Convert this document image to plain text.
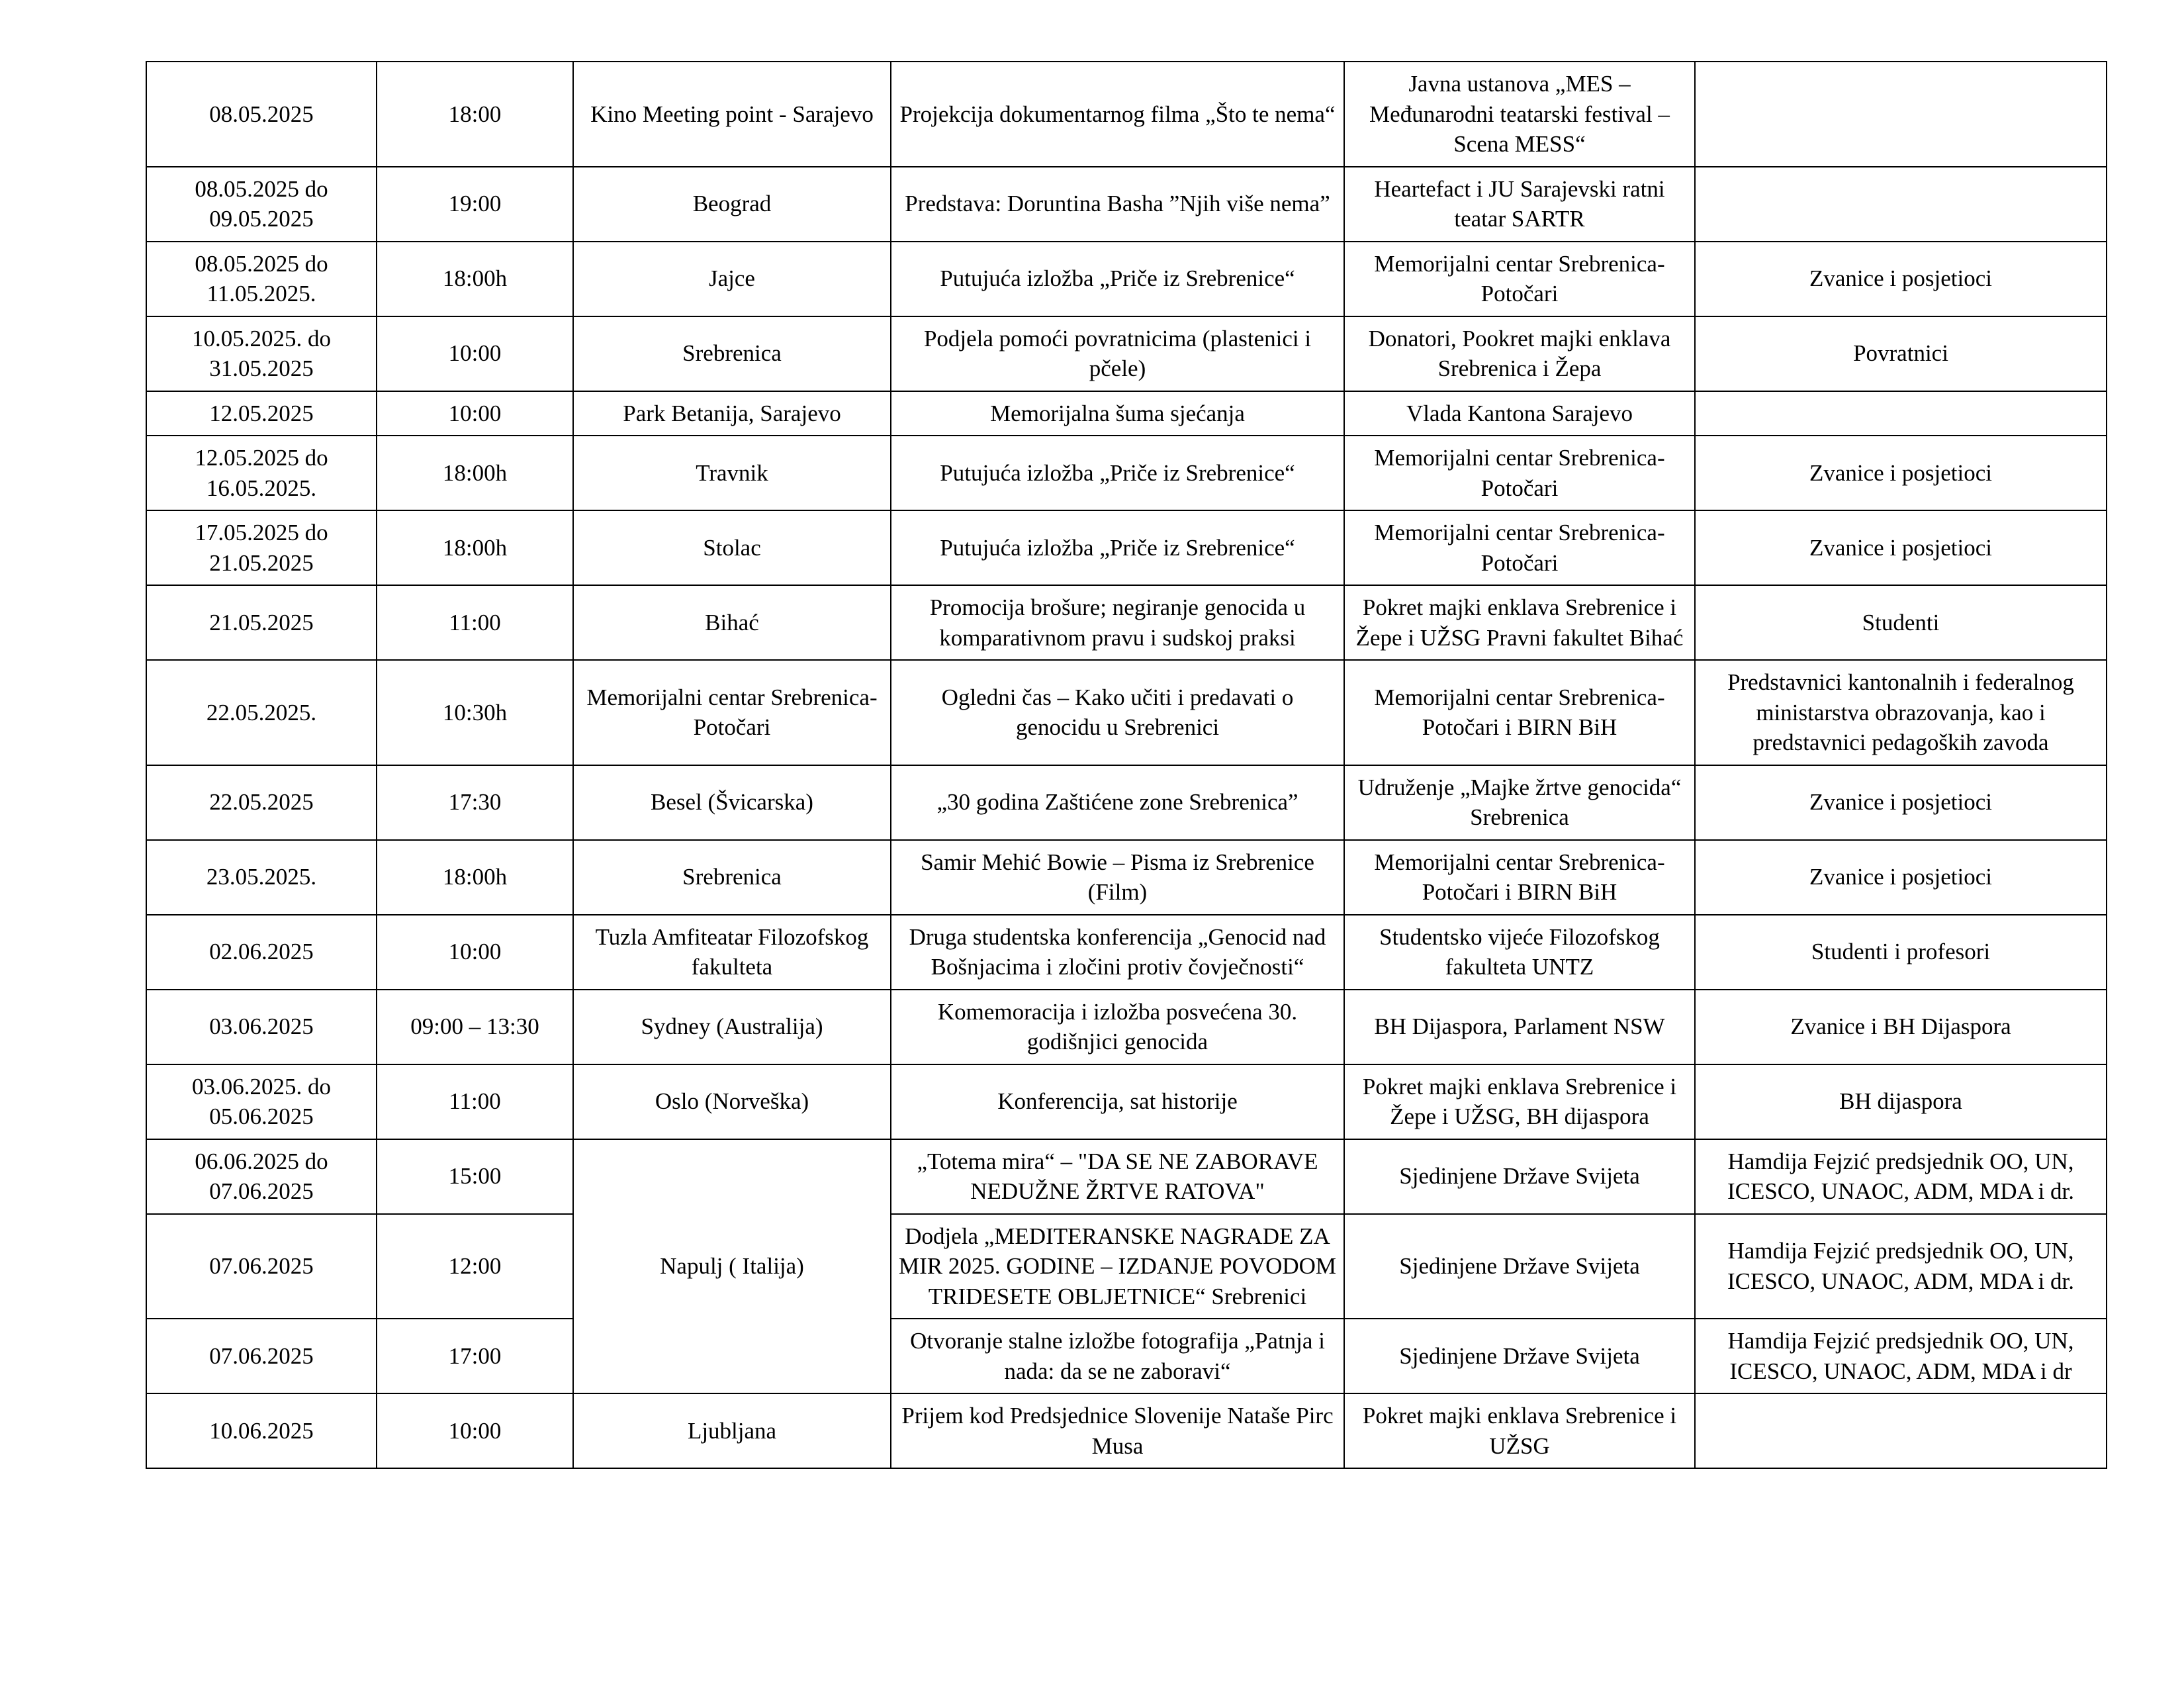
08.05.2025	18:00	Kino Meeting point - Sarajevo	Projekcija dokumentarnog filma „Što te nema“	Javna ustanova „MES – Međunarodni teatarski festival – Scena MESS“	
08.05.2025 do 09.05.2025	19:00	Beograd	Predstava: Doruntina Basha ”Njih više nema”	Heartefact i JU Sarajevski ratni teatar SARTR	
08.05.2025 do 11.05.2025.	18:00h	Jajce	Putujuća izložba „Priče iz Srebrenice“	Memorijalni centar Srebrenica-Potočari	Zvanice i posjetioci
10.05.2025. do 31.05.2025	10:00	Srebrenica	Podjela pomoći povratnicima (plastenici i pčele)	Donatori, Pookret majki enklava Srebrenica i Žepa	Povratnici
12.05.2025	10:00	Park Betanija, Sarajevo	Memorijalna šuma sjećanja	Vlada Kantona Sarajevo	
12.05.2025 do 16.05.2025.	18:00h	Travnik	Putujuća izložba „Priče iz Srebrenice“	Memorijalni centar Srebrenica-Potočari	Zvanice i posjetioci
17.05.2025 do 21.05.2025	18:00h	Stolac	Putujuća izložba „Priče iz Srebrenice“	Memorijalni centar Srebrenica-Potočari	Zvanice i posjetioci
21.05.2025	11:00	Bihać	Promocija brošure; negiranje genocida u komparativnom pravu i sudskoj praksi	Pokret majki enklava Srebrenice i Žepe i UŽSG Pravni fakultet Bihać	Studenti
22.05.2025.	10:30h	Memorijalni centar Srebrenica-Potočari	Ogledni čas – Kako učiti i predavati o genocidu u Srebrenici	Memorijalni centar Srebrenica-Potočari i BIRN BiH	Predstavnici kantonalnih i federalnog ministarstva obrazovanja, kao i predstavnici pedagoških zavoda
22.05.2025	17:30	Besel (Švicarska)	„30 godina Zaštićene zone Srebrenica”	Udruženje „Majke žrtve genocida“ Srebrenica	Zvanice i posjetioci
23.05.2025.	18:00h	Srebrenica	Samir Mehić Bowie – Pisma iz Srebrenice (Film)	Memorijalni centar Srebrenica-Potočari i BIRN BiH	Zvanice i posjetioci
02.06.2025	10:00	Tuzla Amfiteatar Filozofskog fakulteta	Druga studentska konferencija „Genocid nad Bošnjacima i zločini protiv čovječnosti“	Studentsko vijeće Filozofskog fakulteta UNTZ	Studenti i profesori
03.06.2025	09:00 – 13:30	Sydney (Australija)	Komemoracija i izložba posvećena 30. godišnjici genocida	BH Dijaspora, Parlament NSW	Zvanice i BH Dijaspora
03.06.2025. do 05.06.2025	11:00	Oslo (Norveška)	Konferencija, sat historije	Pokret majki enklava Srebrenice i Žepe i UŽSG, BH dijaspora	BH dijaspora
06.06.2025 do 07.06.2025	15:00	Napulj ( Italija)	„Totema mira“ – "DA SE NE ZABORAVE NEDUŽNE ŽRTVE RATOVA"	Sjedinjene Države Svijeta	Hamdija Fejzić predsjednik OO, UN, ICESCO, UNAOC, ADM, MDA i dr.
07.06.2025	12:00		Dodjela „MEDITERANSKE NAGRADE ZA MIR 2025. GODINE – IZDANJE POVODOM TRIDESETE OBLJETNICE“ Srebrenici	Sjedinjene Države Svijeta	Hamdija Fejzić predsjednik OO, UN, ICESCO, UNAOC, ADM, MDA i dr.
07.06.2025	17:00		Otvoranje stalne izložbe fotografija „Patnja i nada: da se ne zaboravi“	Sjedinjene Države Svijeta	Hamdija Fejzić predsjednik OO, UN, ICESCO, UNAOC, ADM, MDA i dr
10.06.2025	10:00	Ljubljana	Prijem kod Predsjednice Slovenije Nataše Pirc Musa	Pokret majki enklava Srebrenice i UŽSG	
